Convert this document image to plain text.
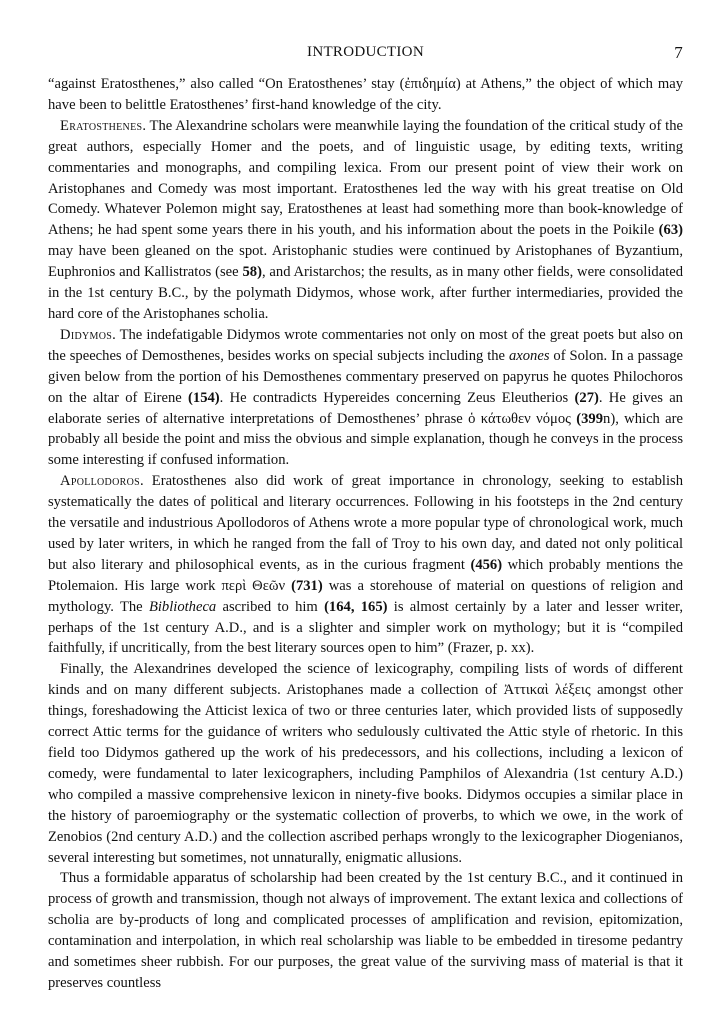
INTRODUCTION	7

“against Eratosthenes,” also called “On Eratosthenes’ stay (ἐπιδημία) at Athens,” the object of which may have been to belittle Eratosthenes’ first-hand knowledge of the city.

Eratosthenes. The Alexandrine scholars were meanwhile laying the foundation of the critical study of the great authors, especially Homer and the poets, and of linguistic usage, by editing texts, writing commentaries and monographs, and compiling lexica. From our present point of view their work on Aristophanes and Comedy was most important. Eratosthenes led the way with his great treatise on Old Comedy. Whatever Polemon might say, Eratosthenes at least had something more than book-knowledge of Athens; he had spent some years there in his youth, and his information about the poets in the Poikile (63) may have been gleaned on the spot. Aristophanic studies were continued by Aristophanes of Byzantium, Euphronios and Kallistratos (see 58), and Aristarchos; the results, as in many other fields, were consolidated in the 1st century B.C., by the polymath Didymos, whose work, after further intermediaries, provided the hard core of the Aristophanes scholia.

Didymos. The indefatigable Didymos wrote commentaries not only on most of the great poets but also on the speeches of Demosthenes, besides works on special subjects including the axones of Solon. In a passage given below from the portion of his Demosthenes commentary preserved on papyrus he quotes Philochoros on the altar of Eirene (154). He contradicts Hypereides concerning Zeus Eleutherios (27). He gives an elaborate series of alternative interpretations of Demosthenes’ phrase ὁ κάτωθεν νόμος (399n), which are probably all beside the point and miss the obvious and simple explanation, though he conveys in the process some interesting if confused information.

Apollodoros. Eratosthenes also did work of great importance in chronology, seeking to establish systematically the dates of political and literary occurrences. Following in his footsteps in the 2nd century the versatile and industrious Apollodoros of Athens wrote a more popular type of chronological work, much used by later writers, in which he ranged from the fall of Troy to his own day, and dated not only political but also literary and philosophical events, as in the curious fragment (456) which probably mentions the Ptolemaion. His large work περὶ Θεῶν (731) was a storehouse of material on questions of religion and mythology. The Bibliotheca ascribed to him (164, 165) is almost certainly by a later and lesser writer, perhaps of the 1st century A.D., and is a slighter and simpler work on mythology; but it is “compiled faithfully, if uncritically, from the best literary sources open to him” (Frazer, p. xx).

Finally, the Alexandrines developed the science of lexicography, compiling lists of words of different kinds and on many different subjects. Aristophanes made a collection of Ἀττικαὶ λέξεις amongst other things, foreshadowing the Atticist lexica of two or three centuries later, which provided lists of supposedly correct Attic terms for the guidance of writers who sedulously cultivated the Attic style of rhetoric. In this field too Didymos gathered up the work of his predecessors, and his collections, including a lexicon of comedy, were fundamental to later lexicographers, including Pamphilos of Alexandria (1st century A.D.) who compiled a massive comprehensive lexicon in ninety-five books. Didymos occupies a similar place in the history of paroemiography or the systematic collection of proverbs, to which we owe, in the work of Zenobios (2nd century A.D.) and the collection ascribed perhaps wrongly to the lexicographer Diogenianos, several interesting but sometimes, not unnaturally, enigmatic allusions.

Thus a formidable apparatus of scholarship had been created by the 1st century B.C., and it continued in process of growth and transmission, though not always of improvement. The extant lexica and collections of scholia are by-products of long and complicated processes of amplification and revision, epitomization, contamination and interpolation, in which real scholarship was liable to be embedded in tiresome pedantry and sometimes sheer rubbish. For our purposes, the great value of the surviving mass of material is that it preserves countless
